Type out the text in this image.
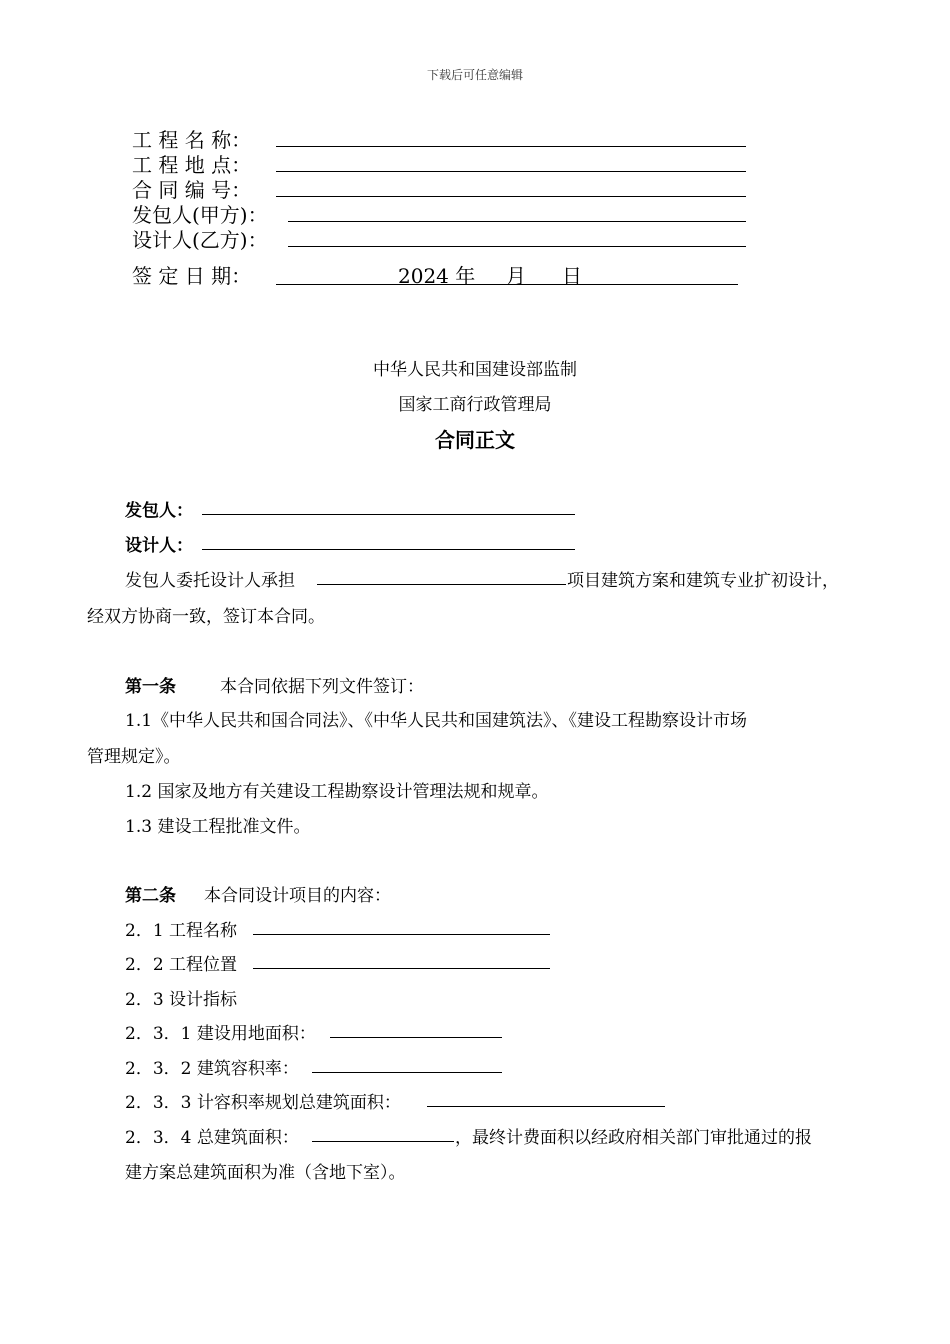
下载后可任意编辑
工 程 名 称：
工 程 地 点：
合 同 编 号：
发包人(甲方)：
设计人(乙方)：
签 定 日 期：	2024 年 月 日
中华人民共和国建设部监制
国家工商行政管理局
合同正文
发包人：
设计人：
发包人委托设计人承担	项目建筑方案和建筑专业扩初设计，
经双方协商一致，签订本合同。
第一条	本合同依据下列文件签订：
1.1《中华人民共和国合同法》、《中华人民共和国建筑法》、《建设工程勘察设计市场
管理规定》。
1.2 国家及地方有关建设工程勘察设计管理法规和规章。
1.3 建设工程批准文件。
第二条 本合同设计项目的内容：
2．1 工程名称
2．2 工程位置
2．3 设计指标
2．3．1 建设用地面积：
2．3．2 建筑容积率：
2．3．3 计容积率规划总建筑面积：
2．3．4 总建筑面积：	，最终计费面积以经政府相关部门审批通过的报
建方案总建筑面积为准（含地下室）。
